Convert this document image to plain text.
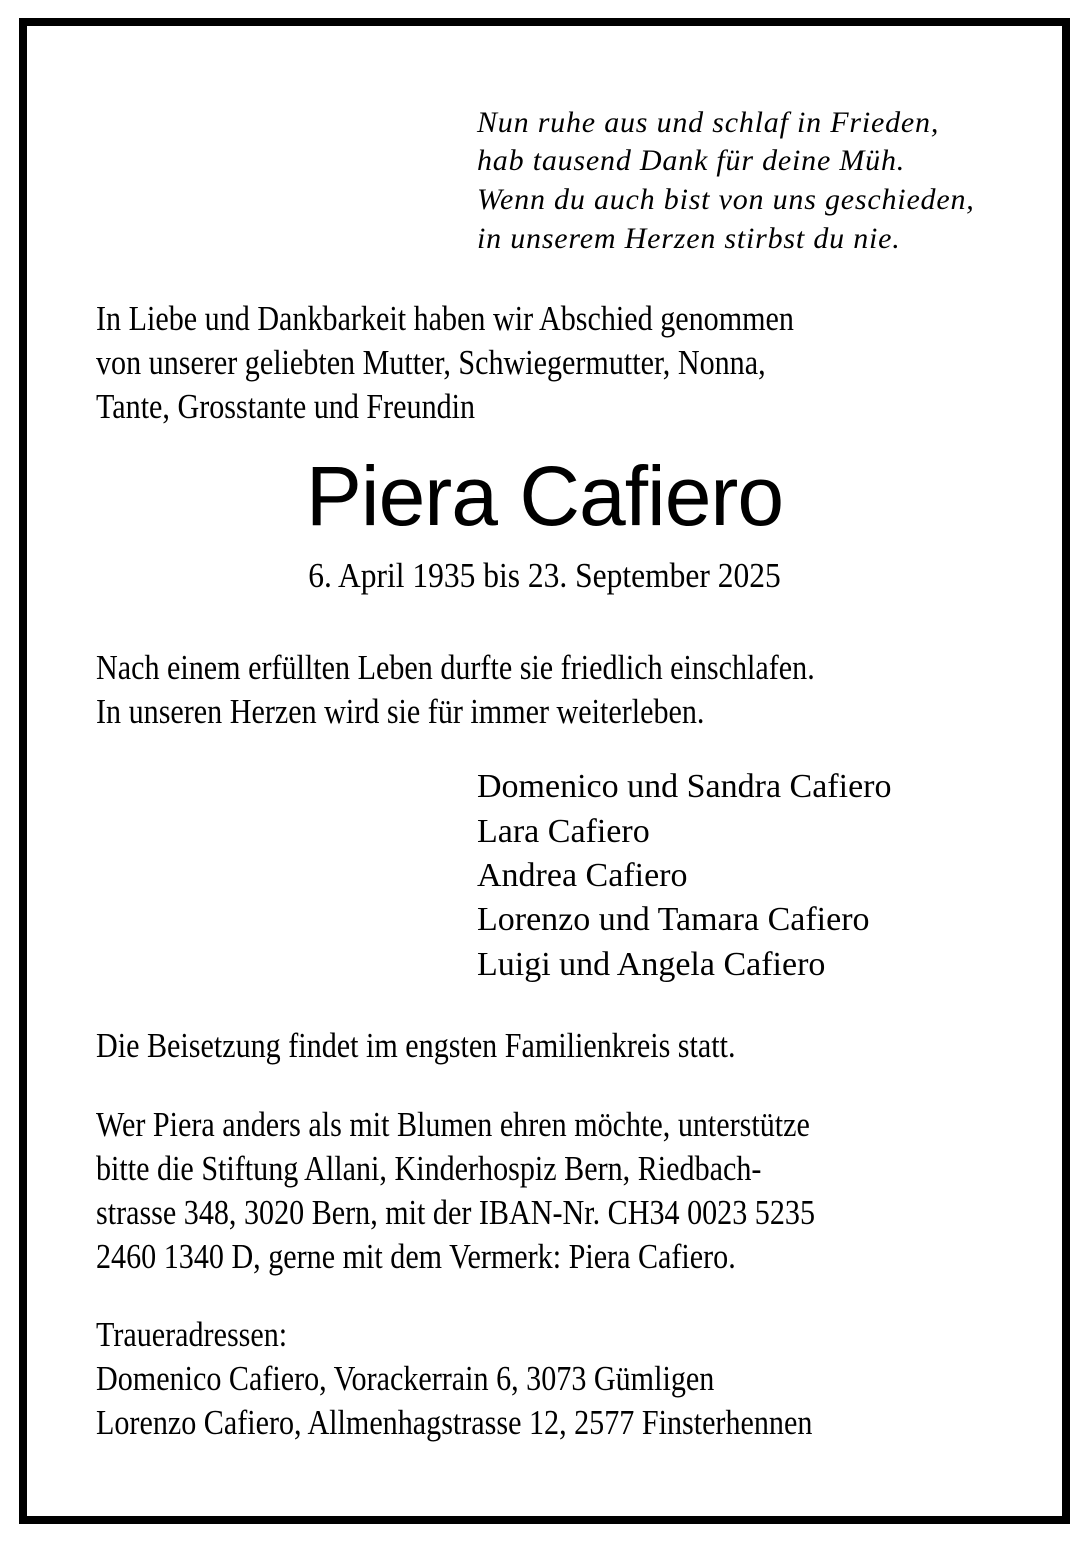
Nun ruhe aus und schlaf in Frieden,
hab tausend Dank für deine Müh.
Wenn du auch bist von uns geschieden,
in unserem Herzen stirbst du nie.
In Liebe und Dankbarkeit haben wir Abschied genommen
von unserer geliebten Mutter, Schwiegermutter, Nonna,
Tante, Grosstante und Freundin
Piera Cafiero
6. April 1935 bis 23. September 2025
Nach einem erfüllten Leben durfte sie friedlich einschlafen.
In unseren Herzen wird sie für immer weiterleben.
Domenico und Sandra Cafiero
Lara Cafiero
Andrea Cafiero
Lorenzo und Tamara Cafiero
Luigi und Angela Cafiero
Die Beisetzung findet im engsten Familienkreis statt.
Wer Piera anders als mit Blumen ehren möchte, unterstütze
bitte die Stiftung Allani, Kinderhospiz Bern, Riedbach-
strasse 348, 3020 Bern, mit der IBAN-Nr. CH34 0023 5235
2460 1340 D, gerne mit dem Vermerk: Piera Cafiero.
Traueradressen:
Domenico Cafiero, Vorackerrain 6, 3073 Gümligen
Lorenzo Cafiero, Allmenhagstrasse 12, 2577 Finsterhennen
